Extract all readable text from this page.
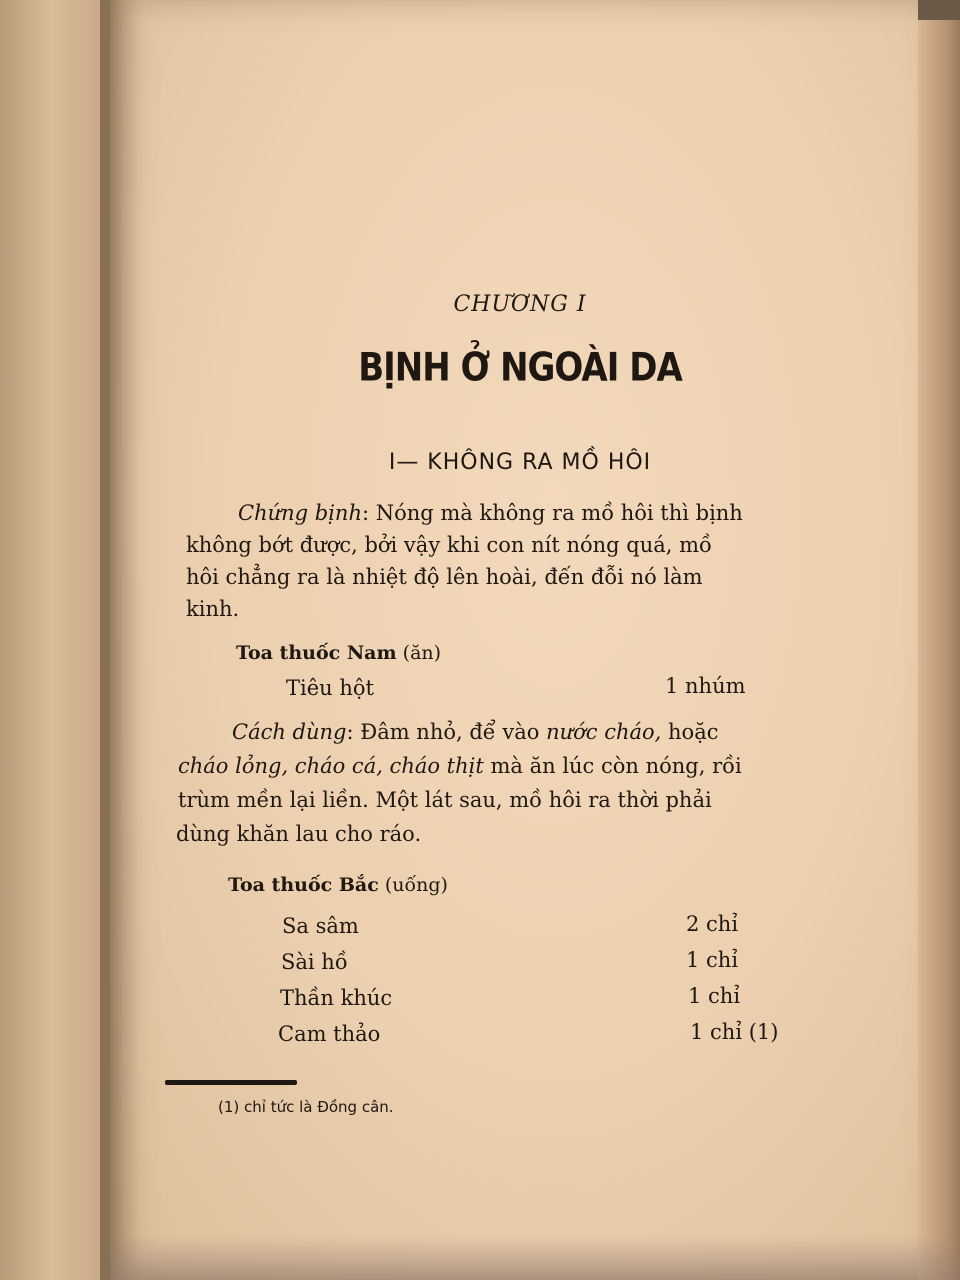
CHƯƠNG I
BỊNH Ở NGOÀI DA
I— KHÔNG RA MỒ HÔI
Chứng bịnh: Nóng mà không ra mồ hôi thì bịnh
không bớt được, bởi vậy khi con nít nóng quá, mồ
hôi chẳng ra là nhiệt độ lên hoài, đến đỗi nó làm
kinh.
Toa thuốc Nam (ăn)
Tiêu hột	1 nhúm
Cách dùng: Đâm nhỏ, để vào nước cháo, hoặc
cháo lỏng, cháo cá, cháo thịt mà ăn lúc còn nóng, rồi
trùm mền lại liền. Một lát sau, mồ hôi ra thời phải
dùng khăn lau cho ráo.
Toa thuốc Bắc (uống)
Sa sâm	2 chỉ
Sài hồ	1 chỉ
Thần khúc	1 chỉ
Cam thảo	1 chỉ (1)
(1) chỉ tức là Đồng cân.
